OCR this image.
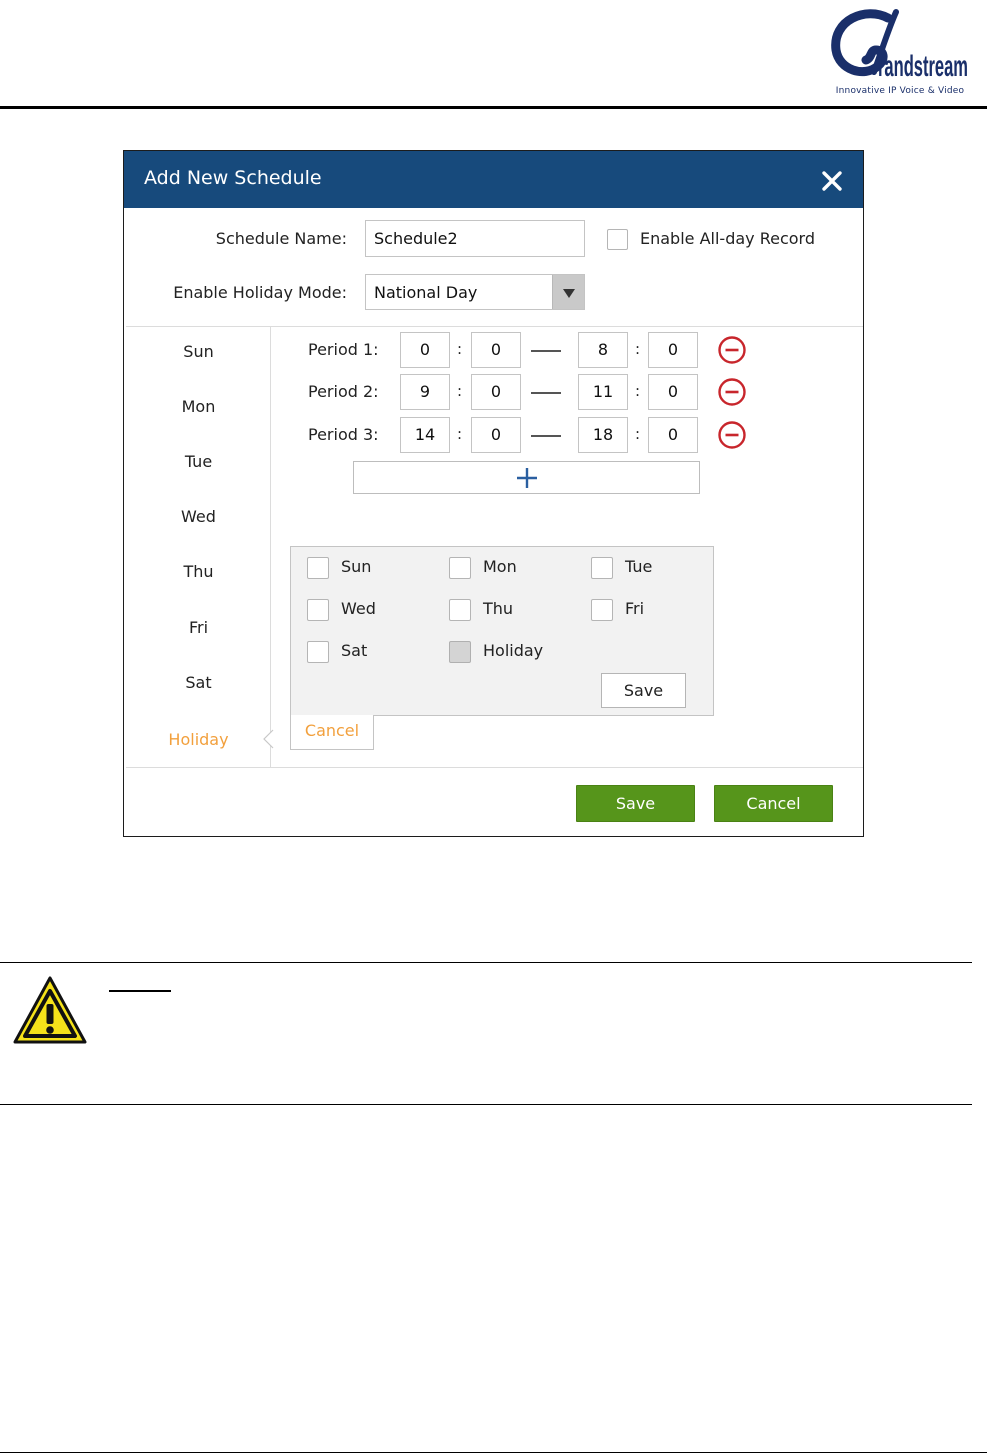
randstream
Innovative IP Voice & Video
Add New Schedule
Schedule Name:	Schedule2	Enable All-day Record
Enable Holiday Mode:	National Day
Sun
Mon
Tue
Wed
Thu
Fri
Sat
Holiday
Period 1:	0	:	0	8	:	0
Period 2:	9	:	0	11	:	0
Period 3:	14	:	0	18	:	0
Sun	Mon	Tue
Wed	Thu	Fri
Sat	Holiday
Save
Cancel
Save	Cancel
